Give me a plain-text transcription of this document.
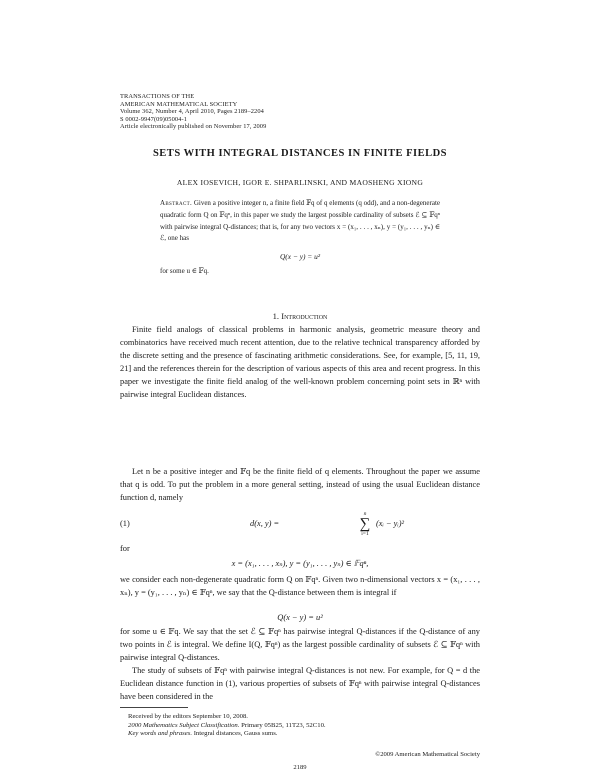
TRANSACTIONS OF THE
AMERICAN MATHEMATICAL SOCIETY
Volume 362, Number 4, April 2010, Pages 2189–2204
S 0002-9947(09)05004-1
Article electronically published on November 17, 2009
SETS WITH INTEGRAL DISTANCES IN FINITE FIELDS
ALEX IOSEVICH, IGOR E. SHPARLINSKI, AND MAOSHENG XIONG
Abstract. Given a positive integer n, a finite field 𝔽q of q elements (q odd), and a non-degenerate quadratic form Q on 𝔽qⁿ, in this paper we study the largest possible cardinality of subsets ℰ ⊆ 𝔽qⁿ with pairwise integral Q-distances; that is, for any two vectors x = (x₁, . . . , xₙ), y = (y₁, . . . , yₙ) ∈ ℰ, one has
Q(x − y) = u²
for some u ∈ 𝔽q.
1. Introduction

Finite field analogs of classical problems in harmonic analysis, geometric measure theory and combinatorics have received much recent attention, due to the relative technical transparency afforded by the discrete setting and the presence of fascinating arithmetic considerations. See, for example, [5, 11, 19, 21] and the references therein for the description of various aspects of this area and recent progress. In this paper we investigate the finite field analog of the well-known problem concerning point sets in ℝⁿ with pairwise integral Euclidean distances.

Let n be a positive integer and 𝔽q be the finite field of q elements. Throughout the paper we assume that q is odd. To put the problem in a more general setting, instead of using the usual Euclidean distance function d, namely

(1)	d(x, y) =
n
∑
i=1
(xᵢ − yᵢ)²
for
x = (x₁, . . . , xₙ), y = (y₁, . . . , yₙ) ∈ 𝔽qⁿ,

we consider each non-degenerate quadratic form Q on 𝔽qⁿ. Given two n-dimensional vectors x = (x₁, . . . , xₙ), y = (y₁, . . . , yₙ) ∈ 𝔽qⁿ, we say that the Q-distance between them is integral if

Q(x − y) = u²

for some u ∈ 𝔽q. We say that the set ℰ ⊆ 𝔽qⁿ has pairwise integral Q-distances if the Q-distance of any two points in ℰ is integral. We define I(Q, 𝔽qⁿ) as the largest possible cardinality of subsets ℰ ⊆ 𝔽qⁿ with pairwise integral Q-distances.

The study of subsets of 𝔽qⁿ with pairwise integral Q-distances is not new. For example, for Q = d the Euclidean distance function in (1), various properties of subsets of 𝔽qⁿ with pairwise integral Q-distances have been considered in the

Received by the editors September 10, 2008.
2000 Mathematics Subject Classification. Primary 05B25, 11T23, 52C10.
Key words and phrases. Integral distances, Gauss sums.
©2009 American Mathematical Society
2189
